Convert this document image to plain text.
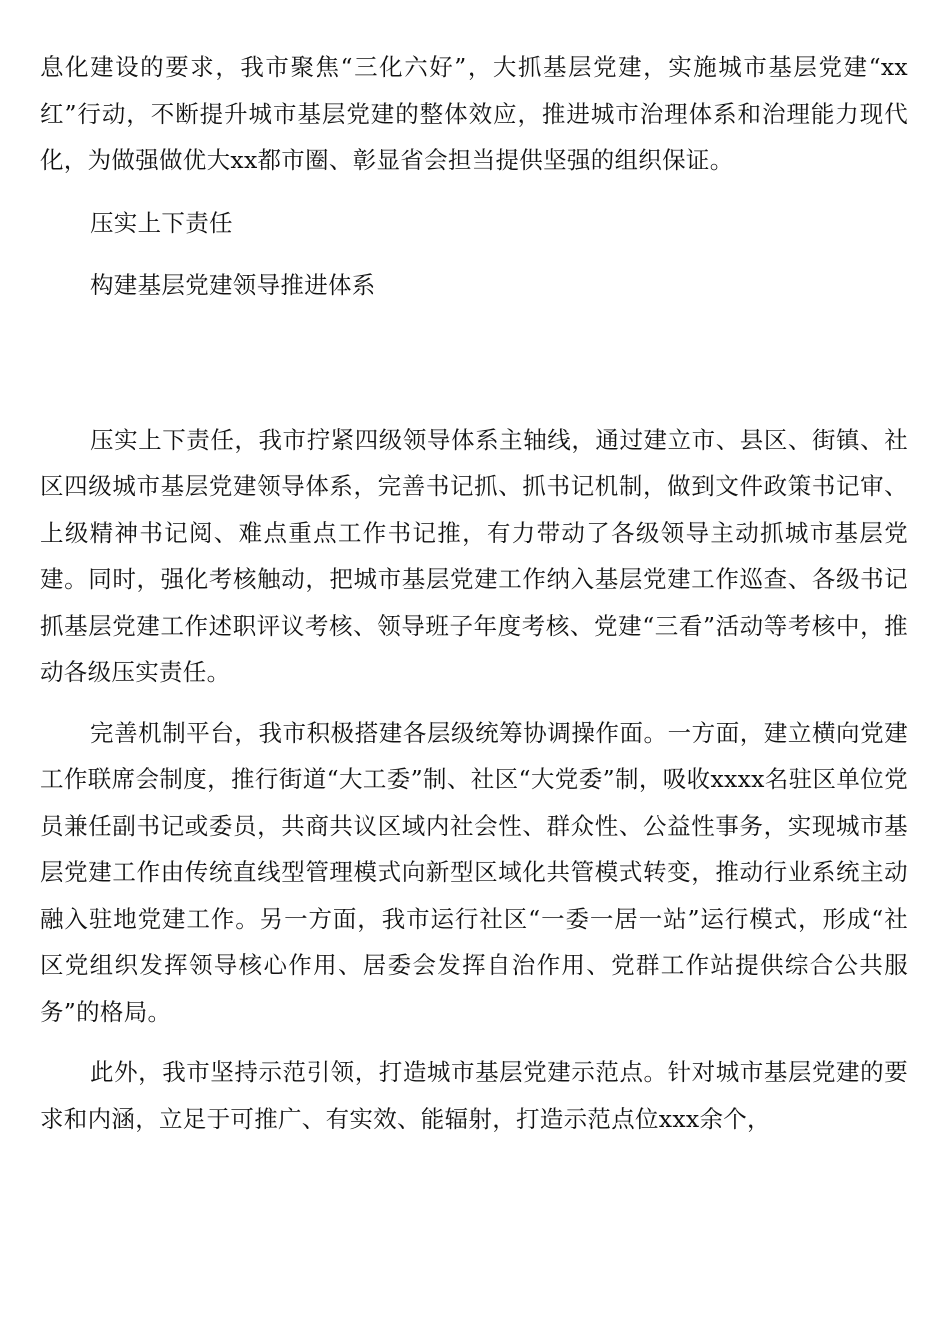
息化建设的要求，我市聚焦“三化六好”，大抓基层党建，实施城市基层党建“xx红”行动，不断提升城市基层党建的整体效应，推进城市治理体系和治理能力现代化，为做强做优大xx都市圈、彰显省会担当提供坚强的组织保证。

压实上下责任

构建基层党建领导推进体系

压实上下责任，我市拧紧四级领导体系主轴线，通过建立市、县区、街镇、社区四级城市基层党建领导体系，完善书记抓、抓书记机制，做到文件政策书记审、上级精神书记阅、难点重点工作书记推，有力带动了各级领导主动抓城市基层党建。同时，强化考核触动，把城市基层党建工作纳入基层党建工作巡查、各级书记抓基层党建工作述职评议考核、领导班子年度考核、党建“三看”活动等考核中，推动各级压实责任。

完善机制平台，我市积极搭建各层级统筹协调操作面。一方面，建立横向党建工作联席会制度，推行街道“大工委”制、社区“大党委”制，吸收xxxx名驻区单位党员兼任副书记或委员，共商共议区域内社会性、群众性、公益性事务，实现城市基层党建工作由传统直线型管理模式向新型区域化共管模式转变，推动行业系统主动融入驻地党建工作。另一方面，我市运行社区“一委一居一站”运行模式，形成“社区党组织发挥领导核心作用、居委会发挥自治作用、党群工作站提供综合公共服务”的格局。

此外，我市坚持示范引领，打造城市基层党建示范点。针对城市基层党建的要求和内涵，立足于可推广、有实效、能辐射，打造示范点位xxx余个，
